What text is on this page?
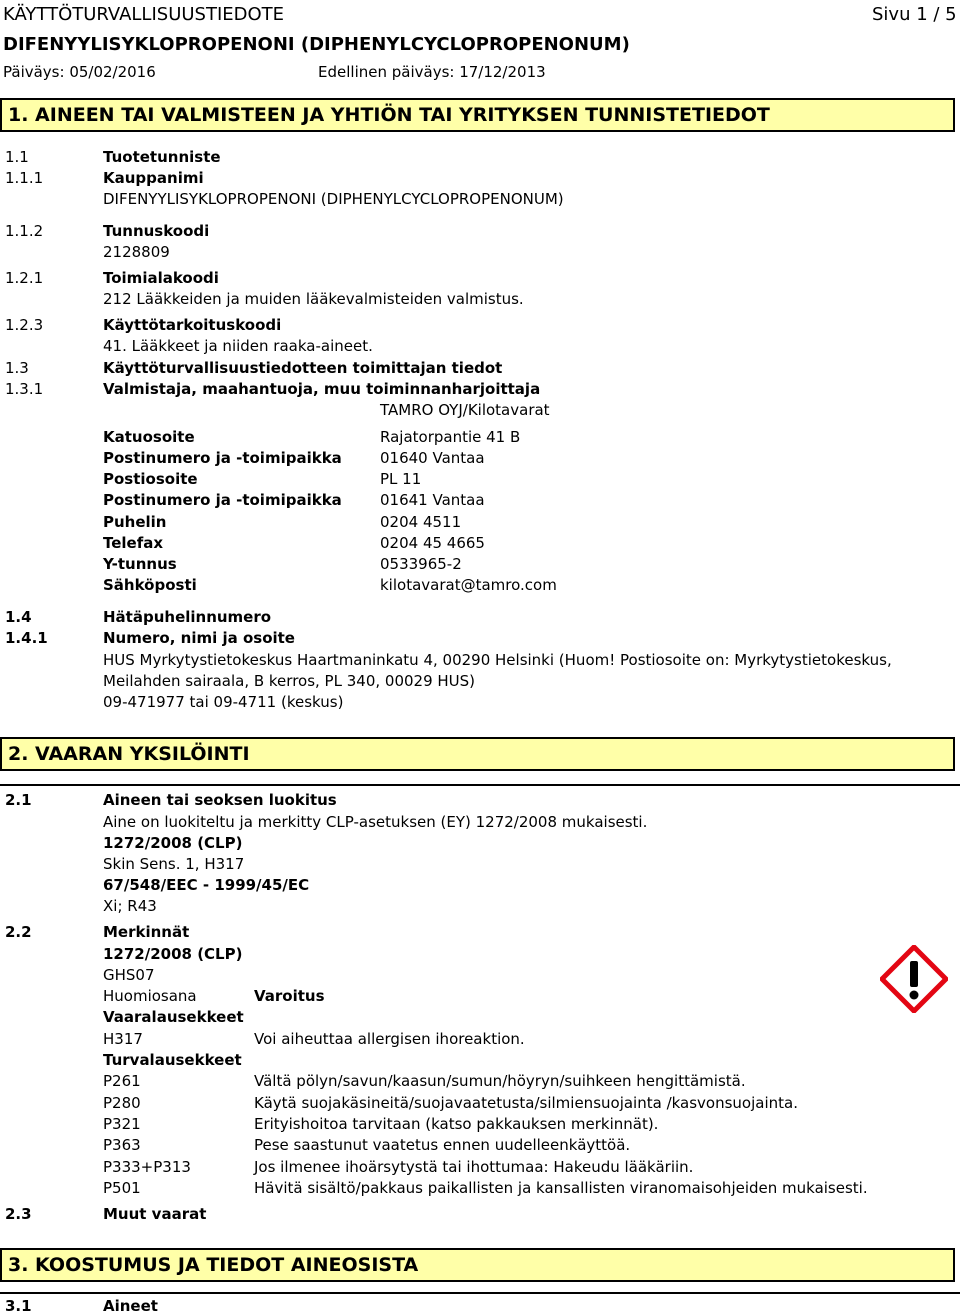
KÄYTTÖTURVALLISUUSTIEDOTE	Sivu 1 / 5
DIFENYYLISYKLOPROPENONI (DIPHENYLCYCLOPROPENONUM)
Päiväys: 05/02/2016	Edellinen päiväys: 17/12/2013
1. AINEEN TAI VALMISTEEN JA YHTIÖN TAI YRITYKSEN TUNNISTETIEDOT
1.1	Tuotetunniste
1.1.1	Kauppanimi
DIFENYYLISYKLOPROPENONI (DIPHENYLCYCLOPROPENONUM)
1.1.2	Tunnuskoodi
2128809
1.2.1	Toimialakoodi
212 Lääkkeiden ja muiden lääkevalmisteiden valmistus.
1.2.3	Käyttötarkoituskoodi
41. Lääkkeet ja niiden raaka-aineet.
1.3	Käyttöturvallisuustiedotteen toimittajan tiedot
1.3.1	Valmistaja, maahantuoja, muu toiminnanharjoittaja
TAMRO OYJ/Kilotavarat
Katuosoite	Rajatorpantie 41 B
Postinumero ja -toimipaikka	01640 Vantaa
Postiosoite	PL 11
Postinumero ja -toimipaikka	01641 Vantaa
Puhelin	0204 4511
Telefax	0204 45 4665
Y-tunnus	0533965-2
Sähköposti	kilotavarat@tamro.com
1.4	Hätäpuhelinnumero
1.4.1	Numero, nimi ja osoite
HUS Myrkytystietokeskus Haartmaninkatu 4, 00290 Helsinki (Huom! Postiosoite on: Myrkytystietokeskus,
Meilahden sairaala, B kerros, PL 340, 00029 HUS)
09-471977 tai 09-4711 (keskus)
2. VAARAN YKSILÖINTI
2.1	Aineen tai seoksen luokitus
Aine on luokiteltu ja merkitty CLP-asetuksen (EY) 1272/2008 mukaisesti.
1272/2008 (CLP)
Skin Sens. 1, H317
67/548/EEC - 1999/45/EC
Xi; R43
2.2	Merkinnät
1272/2008 (CLP)
GHS07
Huomiosana	Varoitus
Vaaralausekkeet
H317	Voi aiheuttaa allergisen ihoreaktion.
Turvalausekkeet
P261	Vältä pölyn/savun/kaasun/sumun/höyryn/suihkeen hengittämistä.
P280	Käytä suojakäsineitä/suojavaatetusta/silmiensuojainta /kasvonsuojainta.
P321	Erityishoitoa tarvitaan (katso pakkauksen merkinnät).
P363	Pese saastunut vaatetus ennen uudelleenkäyttöä.
P333+P313	Jos ilmenee ihoärsytystä tai ihottumaa: Hakeudu lääkäriin.
P501	Hävitä sisältö/pakkaus paikallisten ja kansallisten viranomaisohjeiden mukaisesti.
2.3	Muut vaarat
3. KOOSTUMUS JA TIEDOT AINEOSISTA
3.1	Aineet
